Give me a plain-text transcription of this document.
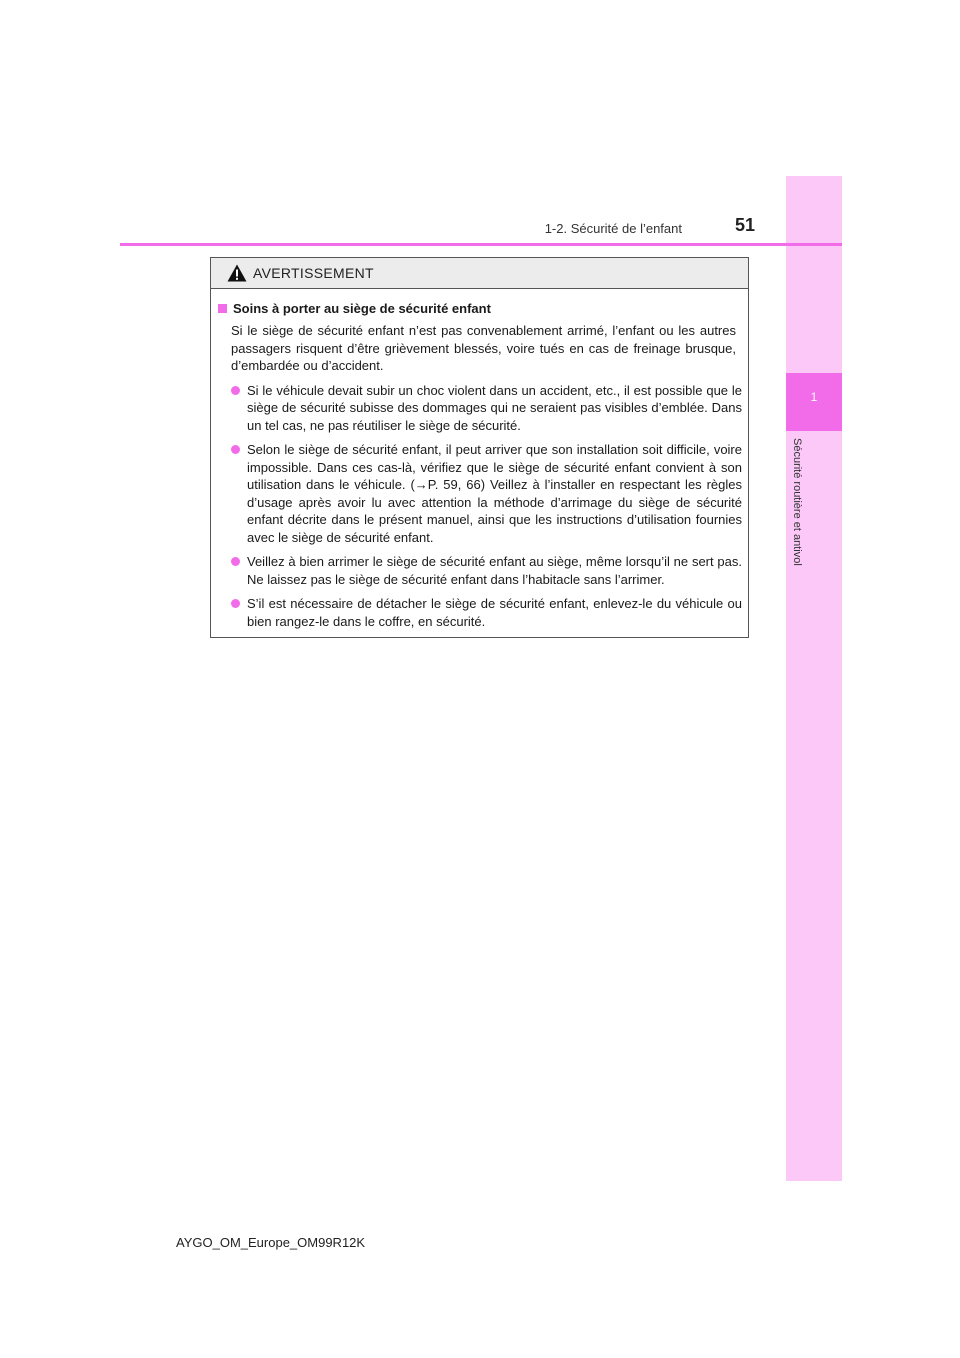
1
Sécurité routière et antivol
1-2. Sécurité de l’enfant	51
AVERTISSEMENT
Soins à porter au siège de sécurité enfant
Si le siège de sécurité enfant n’est pas convenablement arrimé, l’enfant ou les autres passagers risquent d’être grièvement blessés, voire tués en cas de freinage brusque, d’embardée ou d’accident.
Si le véhicule devait subir un choc violent dans un accident, etc., il est possible que le siège de sécurité subisse des dommages qui ne seraient pas visibles d’emblée. Dans un tel cas, ne pas réutiliser le siège de sécurité.
Selon le siège de sécurité enfant, il peut arriver que son installation soit difficile, voire impossible. Dans ces cas-là, vérifiez que le siège de sécurité enfant convient à son utilisation dans le véhicule. (→P. 59, 66) Veillez à l’installer en respectant les règles d’usage après avoir lu avec attention la méthode d’arrimage du siège de sécurité enfant décrite dans le présent manuel, ainsi que les instructions d’utilisation fournies avec le siège de sécurité enfant.
Veillez à bien arrimer le siège de sécurité enfant au siège, même lorsqu’il ne sert pas. Ne laissez pas le siège de sécurité enfant dans l’habitacle sans l’arrimer.
S’il est nécessaire de détacher le siège de sécurité enfant, enlevez-le du véhicule ou bien rangez-le dans le coffre, en sécurité.
AYGO_OM_Europe_OM99R12K
